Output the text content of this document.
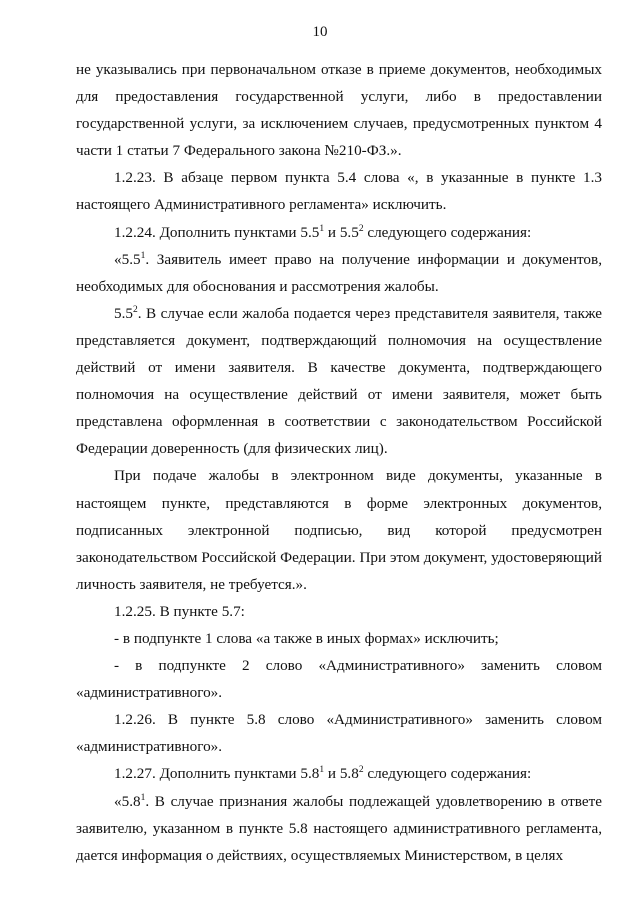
10

не указывались при первоначальном отказе в приеме документов, необходимых для предоставления государственной услуги, либо в предоставлении государственной услуги, за исключением случаев, предусмотренных пунктом 4 части 1 статьи 7 Федерального закона №210-ФЗ.».

1.2.23. В абзаце первом пункта 5.4 слова «, в указанные в пункте 1.3 настоящего Административного регламента» исключить.

1.2.24. Дополнить пунктами $5.5^1$ и $5.5^2$ следующего содержания:

«$5.5^1$. Заявитель имеет право на получение информации и документов, необходимых для обоснования и рассмотрения жалобы.

$5.5^2$. В случае если жалоба подается через представителя заявителя, также представляется документ, подтверждающий полномочия на осуществление действий от имени заявителя. В качестве документа, подтверждающего полномочия на осуществление действий от имени заявителя, может быть представлена оформленная в соответствии с законодательством Российской Федерации доверенность (для физических лиц).

При подаче жалобы в электронном виде документы, указанные в настоящем пункте, представляются в форме электронных документов, подписанных электронной подписью, вид которой предусмотрен законодательством Российской Федерации. При этом документ, удостоверяющий личность заявителя, не требуется.».

1.2.25. В пункте 5.7:

- в подпункте 1 слова «а также в иных формах» исключить;

- в подпункте 2 слово «Административного» заменить словом «административного».

1.2.26. В пункте 5.8 слово «Административного» заменить словом «административного».

1.2.27. Дополнить пунктами $5.8^1$ и $5.8^2$ следующего содержания:

«$5.8^1$. В случае признания жалобы подлежащей удовлетворению в ответе заявителю, указанном в пункте 5.8 настоящего административного регламента, дается информация о действиях, осуществляемых Министерством, в целях
